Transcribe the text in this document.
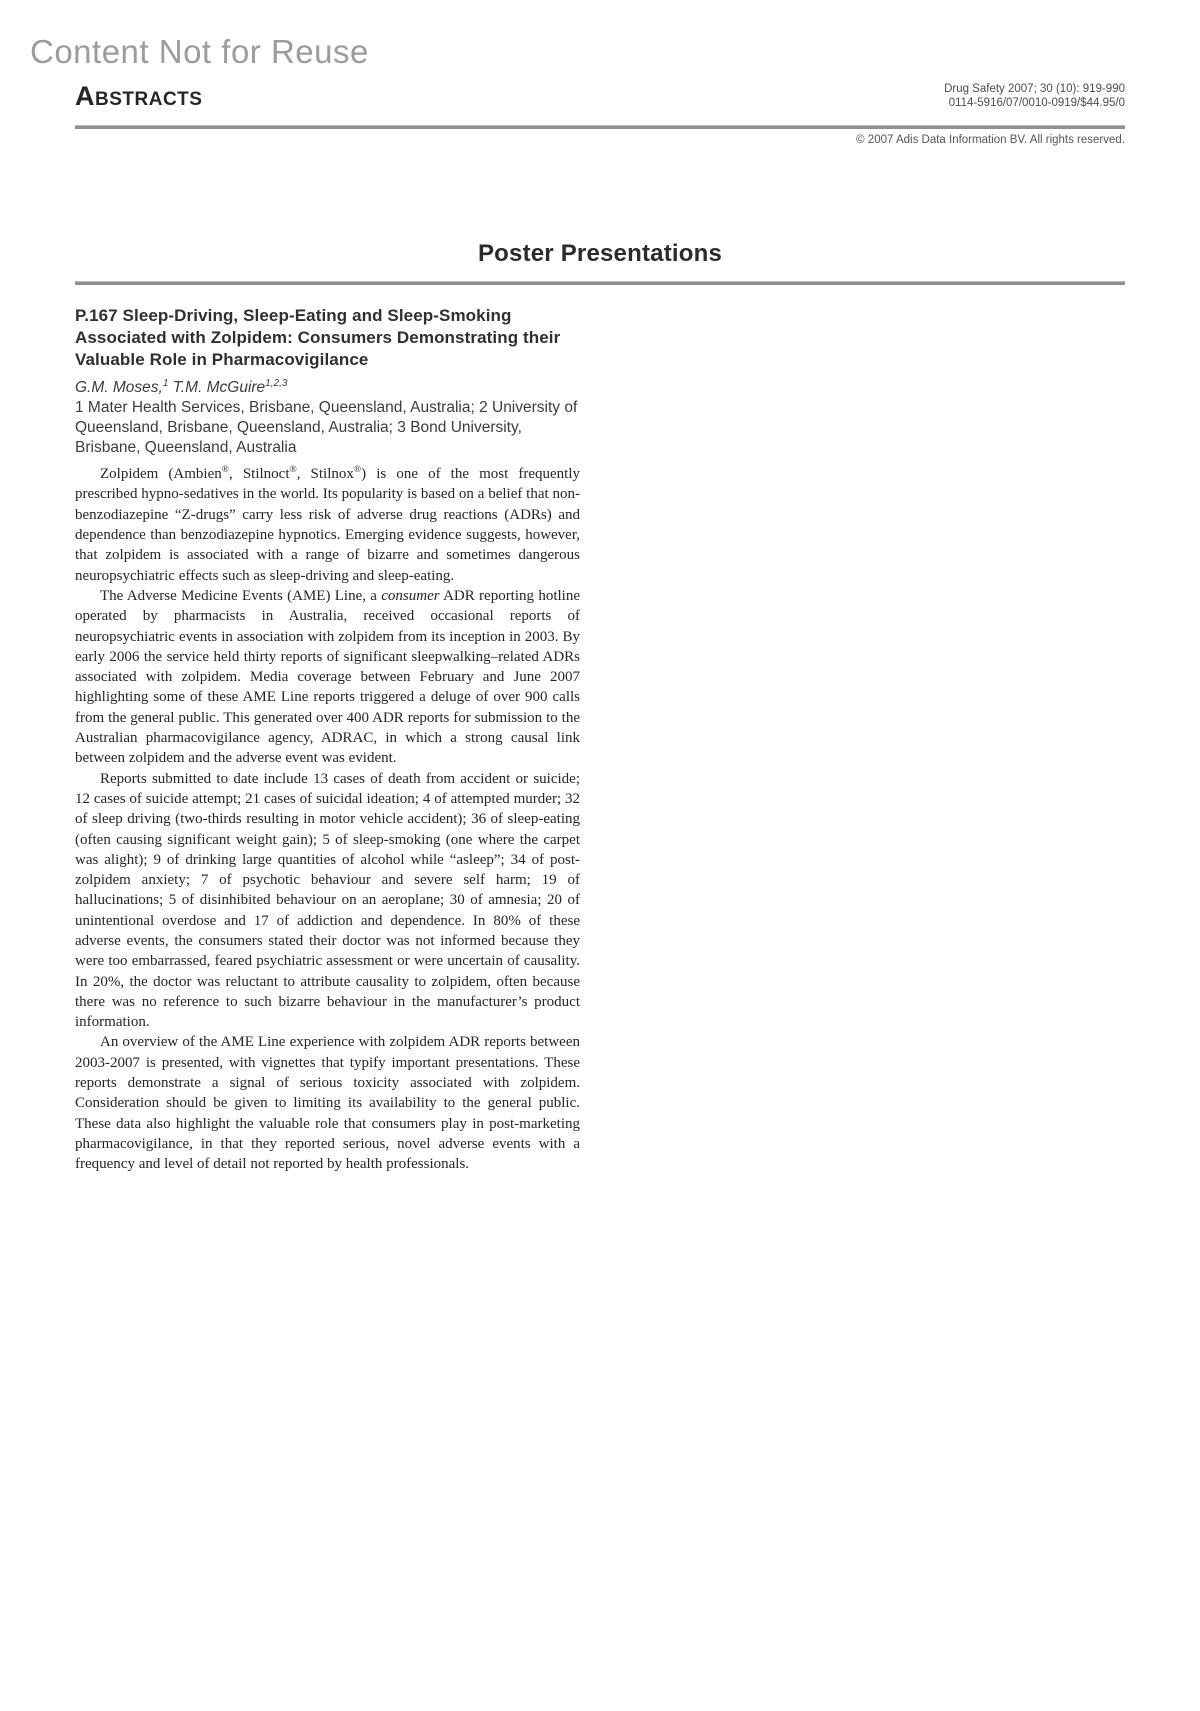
Content Not for Reuse
Abstracts	Drug Safety 2007; 30 (10): 919-990
0114-5916/07/0010-0919/$44.95/0
© 2007 Adis Data Information BV. All rights reserved.
Poster Presentations
P.167 Sleep-Driving, Sleep-Eating and Sleep-Smoking Associated with Zolpidem: Consumers Demonstrating their Valuable Role in Pharmacovigilance
G.M. Moses,$^1$ T.M. McGuire$^{1,2,3}$
1 Mater Health Services, Brisbane, Queensland, Australia; 2 University of Queensland, Brisbane, Queensland, Australia; 3 Bond University, Brisbane, Queensland, Australia

Zolpidem (Ambien®, Stilnoct®, Stilnox®) is one of the most frequently prescribed hypno-sedatives in the world. Its popularity is based on a belief that non-benzodiazepine “Z-drugs” carry less risk of adverse drug reactions (ADRs) and dependence than benzodiazepine hypnotics. Emerging evidence suggests, however, that zolpidem is associated with a range of bizarre and sometimes dangerous neuropsychiatric effects such as sleep-driving and sleep-eating.

The Adverse Medicine Events (AME) Line, a consumer ADR reporting hotline operated by pharmacists in Australia, received occasional reports of neuropsychiatric events in association with zolpidem from its inception in 2003. By early 2006 the service held thirty reports of significant sleepwalking–related ADRs associated with zolpidem. Media coverage between February and June 2007 highlighting some of these AME Line reports triggered a deluge of over 900 calls from the general public. This generated over 400 ADR reports for submission to the Australian pharmacovigilance agency, ADRAC, in which a strong causal link between zolpidem and the adverse event was evident.

Reports submitted to date include 13 cases of death from accident or suicide; 12 cases of suicide attempt; 21 cases of suicidal ideation; 4 of attempted murder; 32 of sleep driving (two-thirds resulting in motor vehicle accident); 36 of sleep-eating (often causing significant weight gain); 5 of sleep-smoking (one where the carpet was alight); 9 of drinking large quantities of alcohol while “asleep”; 34 of post-zolpidem anxiety; 7 of psychotic behaviour and severe self harm; 19 of hallucinations; 5 of disinhibited behaviour on an aeroplane; 30 of amnesia; 20 of unintentional overdose and 17 of addiction and dependence. In 80% of these adverse events, the consumers stated their doctor was not informed because they were too embarrassed, feared psychiatric assessment or were uncertain of causality. In 20%, the doctor was reluctant to attribute causality to zolpidem, often because there was no reference to such bizarre behaviour in the manufacturer’s product information.

An overview of the AME Line experience with zolpidem ADR reports between 2003-2007 is presented, with vignettes that typify important presentations. These reports demonstrate a signal of serious toxicity associated with zolpidem. Consideration should be given to limiting its availability to the general public. These data also highlight the valuable role that consumers play in post-marketing pharmacovigilance, in that they reported serious, novel adverse events with a frequency and level of detail not reported by health professionals.
